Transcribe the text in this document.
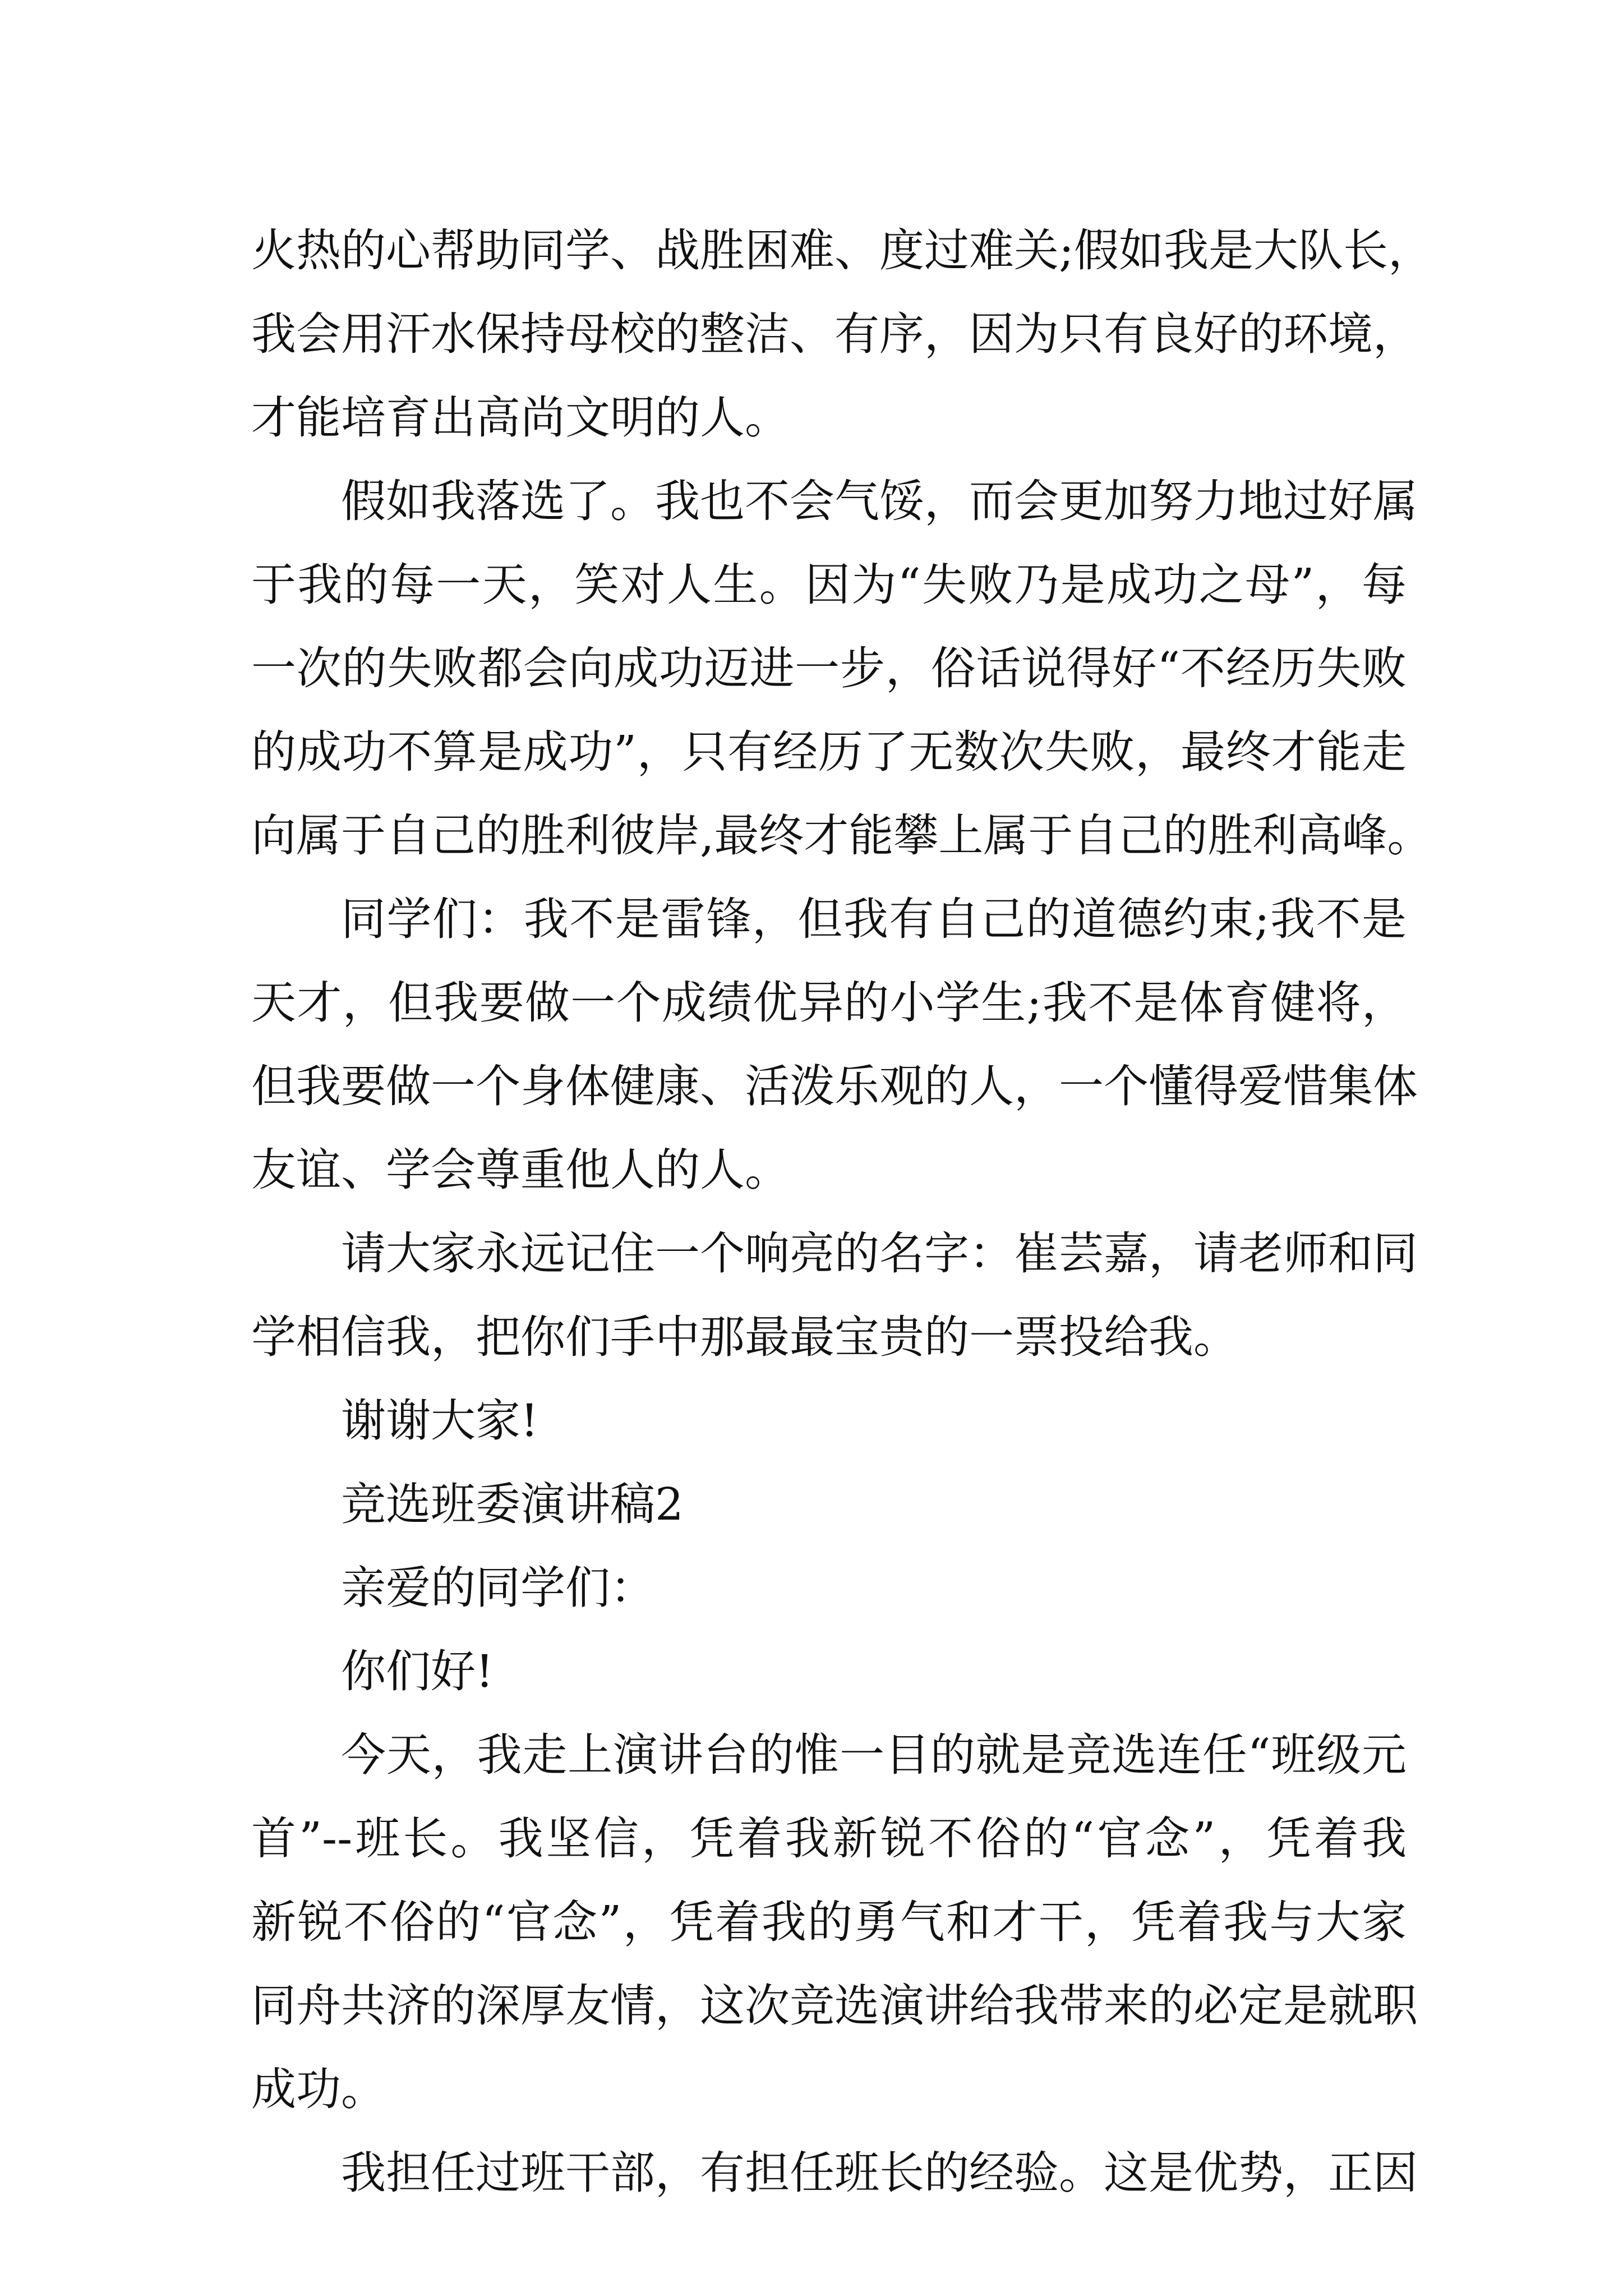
火热的心帮助同学、战胜困难、度过难关;假如我是大队长，
我会用汗水保持母校的整洁、有序，因为只有良好的环境，
才能培育出高尚文明的人。
假如我落选了。我也不会气馁，而会更加努力地过好属
于我的每一天，笑对人生。因为“失败乃是成功之母”，每
一次的失败都会向成功迈进一步，俗话说得好“不经历失败
的成功不算是成功”，只有经历了无数次失败，最终才能走
向属于自己的胜利彼岸,最终才能攀上属于自己的胜利高峰。
同学们：我不是雷锋，但我有自己的道德约束;我不是
天才，但我要做一个成绩优异的小学生;我不是体育健将，
但我要做一个身体健康、活泼乐观的人，一个懂得爱惜集体
友谊、学会尊重他人的人。
请大家永远记住一个响亮的名字：崔芸嘉，请老师和同
学相信我，把你们手中那最最宝贵的一票投给我。
谢谢大家!
竞选班委演讲稿2
亲爱的同学们：
你们好!
今天，我走上演讲台的惟一目的就是竞选连任“班级元
首”--班长。我坚信，凭着我新锐不俗的“官念”，凭着我
新锐不俗的“官念”，凭着我的勇气和才干，凭着我与大家
同舟共济的深厚友情，这次竞选演讲给我带来的必定是就职
成功。
我担任过班干部，有担任班长的经验。这是优势，正因
